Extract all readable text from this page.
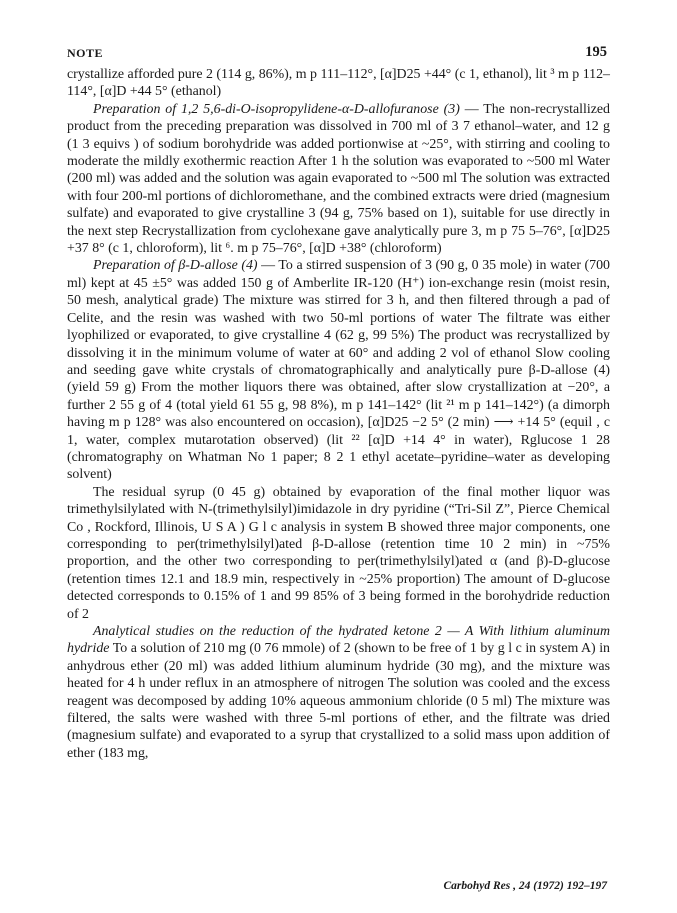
NOTE	195

crystallize afforded pure 2 (114 g, 86%), m p 111–112°, [α]D25 +44° (c 1, ethanol), lit ³ m p 112–114°, [α]D +44 5° (ethanol)

Preparation of 1,2 5,6-di-O-isopropylidene-α-D-allofuranose (3) — The non-recrystallized product from the preceding preparation was dissolved in 700 ml of 3 7 ethanol–water, and 12 g (1 3 equivs ) of sodium borohydride was added portionwise at ~25°, with stirring and cooling to moderate the mildly exothermic reaction After 1 h the solution was evaporated to ~500 ml Water (200 ml) was added and the solution was again evaporated to ~500 ml The solution was extracted with four 200-ml portions of dichloromethane, and the combined extracts were dried (magnesium sulfate) and evaporated to give crystalline 3 (94 g, 75% based on 1), suitable for use directly in the next step Recrystallization from cyclohexane gave analytically pure 3, m p 75 5–76°, [α]D25 +37 8° (c 1, chloroform), lit ⁶. m p 75–76°, [α]D +38° (chloroform)

Preparation of β-D-allose (4) — To a stirred suspension of 3 (90 g, 0 35 mole) in water (700 ml) kept at 45 ±5° was added 150 g of Amberlite IR-120 (H⁺) ion-exchange resin (moist resin, 50 mesh, analytical grade) The mixture was stirred for 3 h, and then filtered through a pad of Celite, and the resin was washed with two 50-ml portions of water The filtrate was either lyophilized or evaporated, to give crystalline 4 (62 g, 99 5%) The product was recrystallized by dissolving it in the minimum volume of water at 60° and adding 2 vol of ethanol Slow cooling and seeding gave white crystals of chromatographically and analytically pure β-D-allose (4) (yield 59 g) From the mother liquors there was obtained, after slow crystallization at −20°, a further 2 55 g of 4 (total yield 61 55 g, 98 8%), m p 141–142° (lit ²¹ m p 141–142°) (a dimorph having m p 128° was also encountered on occasion), [α]D25 −2 5° (2 min) ⟶ +14 5° (equil , c 1, water, complex mutarotation observed) (lit ²² [α]D +14 4° in water), Rglucose 1 28 (chromatography on Whatman No 1 paper; 8 2 1 ethyl acetate–pyridine–water as developing solvent)

The residual syrup (0 45 g) obtained by evaporation of the final mother liquor was trimethylsilylated with N-(trimethylsilyl)imidazole in dry pyridine (“Tri-Sil Z”, Pierce Chemical Co , Rockford, Illinois, U S A ) G l c analysis in system B showed three major components, one corresponding to per(trimethylsilyl)ated β-D-allose (retention time 10 2 min) in ~75% proportion, and the other two corresponding to per(trimethylsilyl)ated α (and β)-D-glucose (retention times 12.1 and 18.9 min, respectively in ~25% proportion) The amount of D-glucose detected corresponds to 0.15% of 1 and 99 85% of 3 being formed in the borohydride reduction of 2

Analytical studies on the reduction of the hydrated ketone 2 — A With lithium aluminum hydride To a solution of 210 mg (0 76 mmole) of 2 (shown to be free of 1 by g l c in system A) in anhydrous ether (20 ml) was added lithium aluminum hydride (30 mg), and the mixture was heated for 4 h under reflux in an atmosphere of nitrogen The solution was cooled and the excess reagent was decomposed by adding 10% aqueous ammonium chloride (0 5 ml) The mixture was filtered, the salts were washed with three 5-ml portions of ether, and the filtrate was dried (magnesium sulfate) and evaporated to a syrup that crystallized to a solid mass upon addition of ether (183 mg,

Carbohyd Res , 24 (1972) 192–197
